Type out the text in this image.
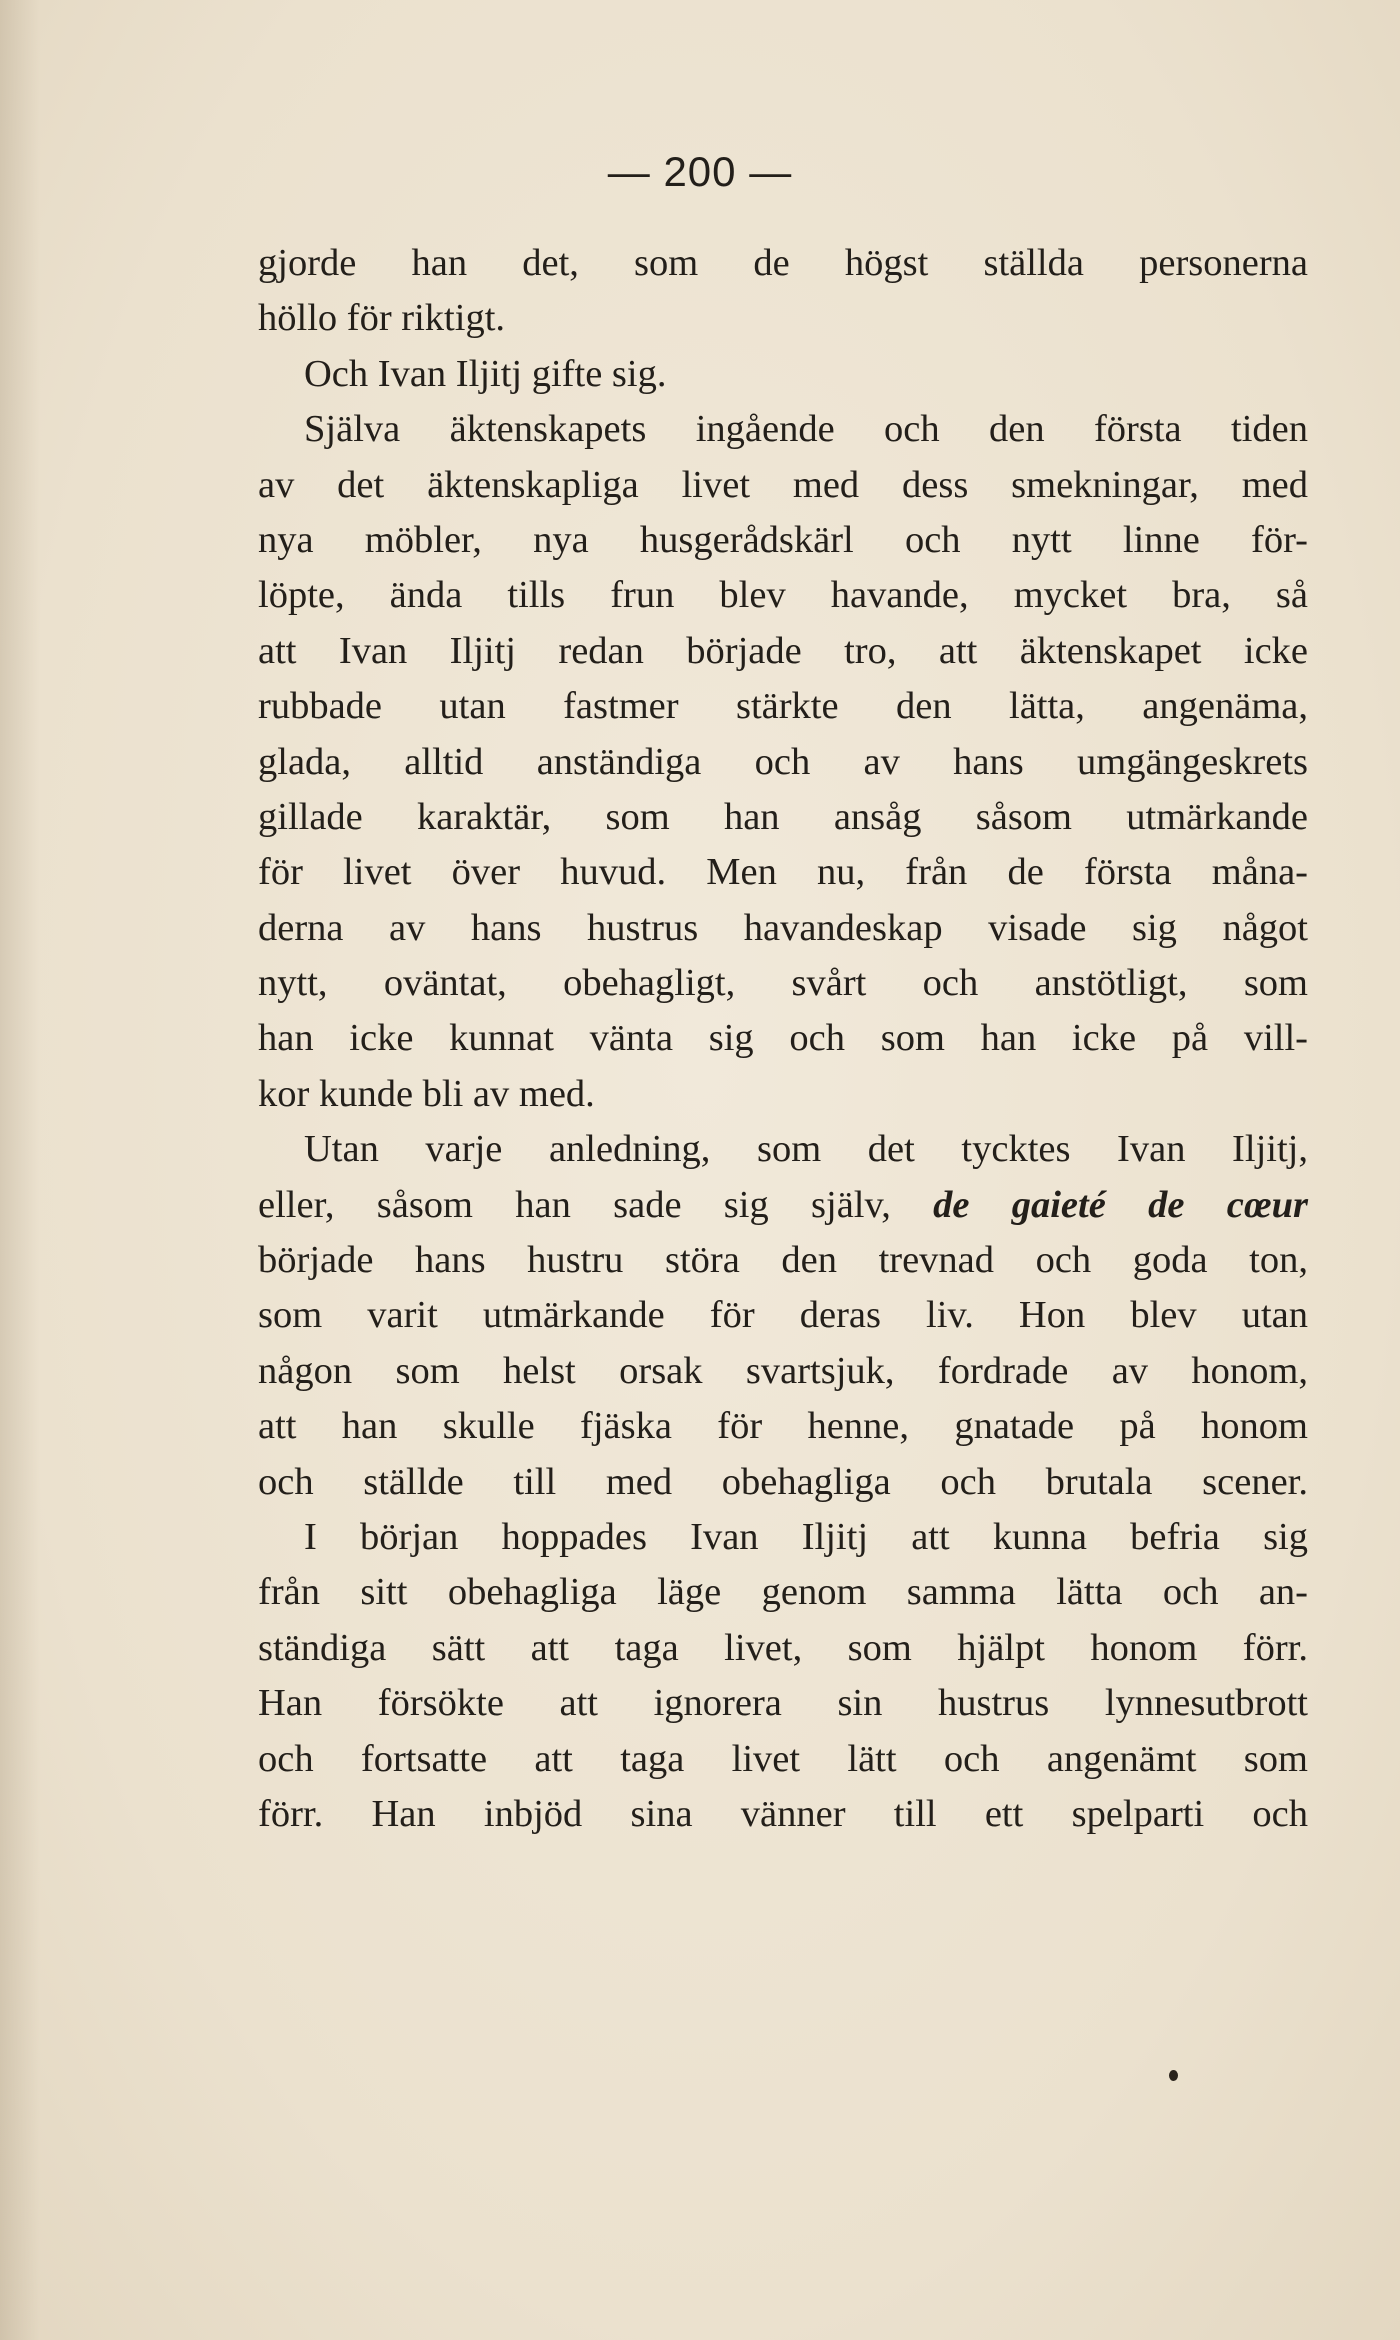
— 200 —
gjorde han det, som de högst ställda personerna
höllo för riktigt.
Och Ivan Iljitj gifte sig.
Själva äktenskapets ingående och den första tiden
av det äktenskapliga livet med dess smekningar, med
nya möbler, nya husgerådskärl och nytt linne för-
löpte, ända tills frun blev havande, mycket bra, så
att Ivan Iljitj redan började tro, att äktenskapet icke
rubbade utan fastmer stärkte den lätta, angenäma,
glada, alltid anständiga och av hans umgängeskrets
gillade karaktär, som han ansåg såsom utmärkande
för livet över huvud. Men nu, från de första måna-
derna av hans hustrus havandeskap visade sig något
nytt, oväntat, obehagligt, svårt och anstötligt, som
han icke kunnat vänta sig och som han icke på vill-
kor kunde bli av med.
Utan varje anledning, som det tycktes Ivan Iljitj,
eller, såsom han sade sig själv, de gaieté de cœur
började hans hustru störa den trevnad och goda ton,
som varit utmärkande för deras liv. Hon blev utan
någon som helst orsak svartsjuk, fordrade av honom,
att han skulle fjäska för henne, gnatade på honom
och ställde till med obehagliga och brutala scener.
I början hoppades Ivan Iljitj att kunna befria sig
från sitt obehagliga läge genom samma lätta och an-
ständiga sätt att taga livet, som hjälpt honom förr.
Han försökte att ignorera sin hustrus lynnesutbrott
och fortsatte att taga livet lätt och angenämt som
förr. Han inbjöd sina vänner till ett spelparti och
